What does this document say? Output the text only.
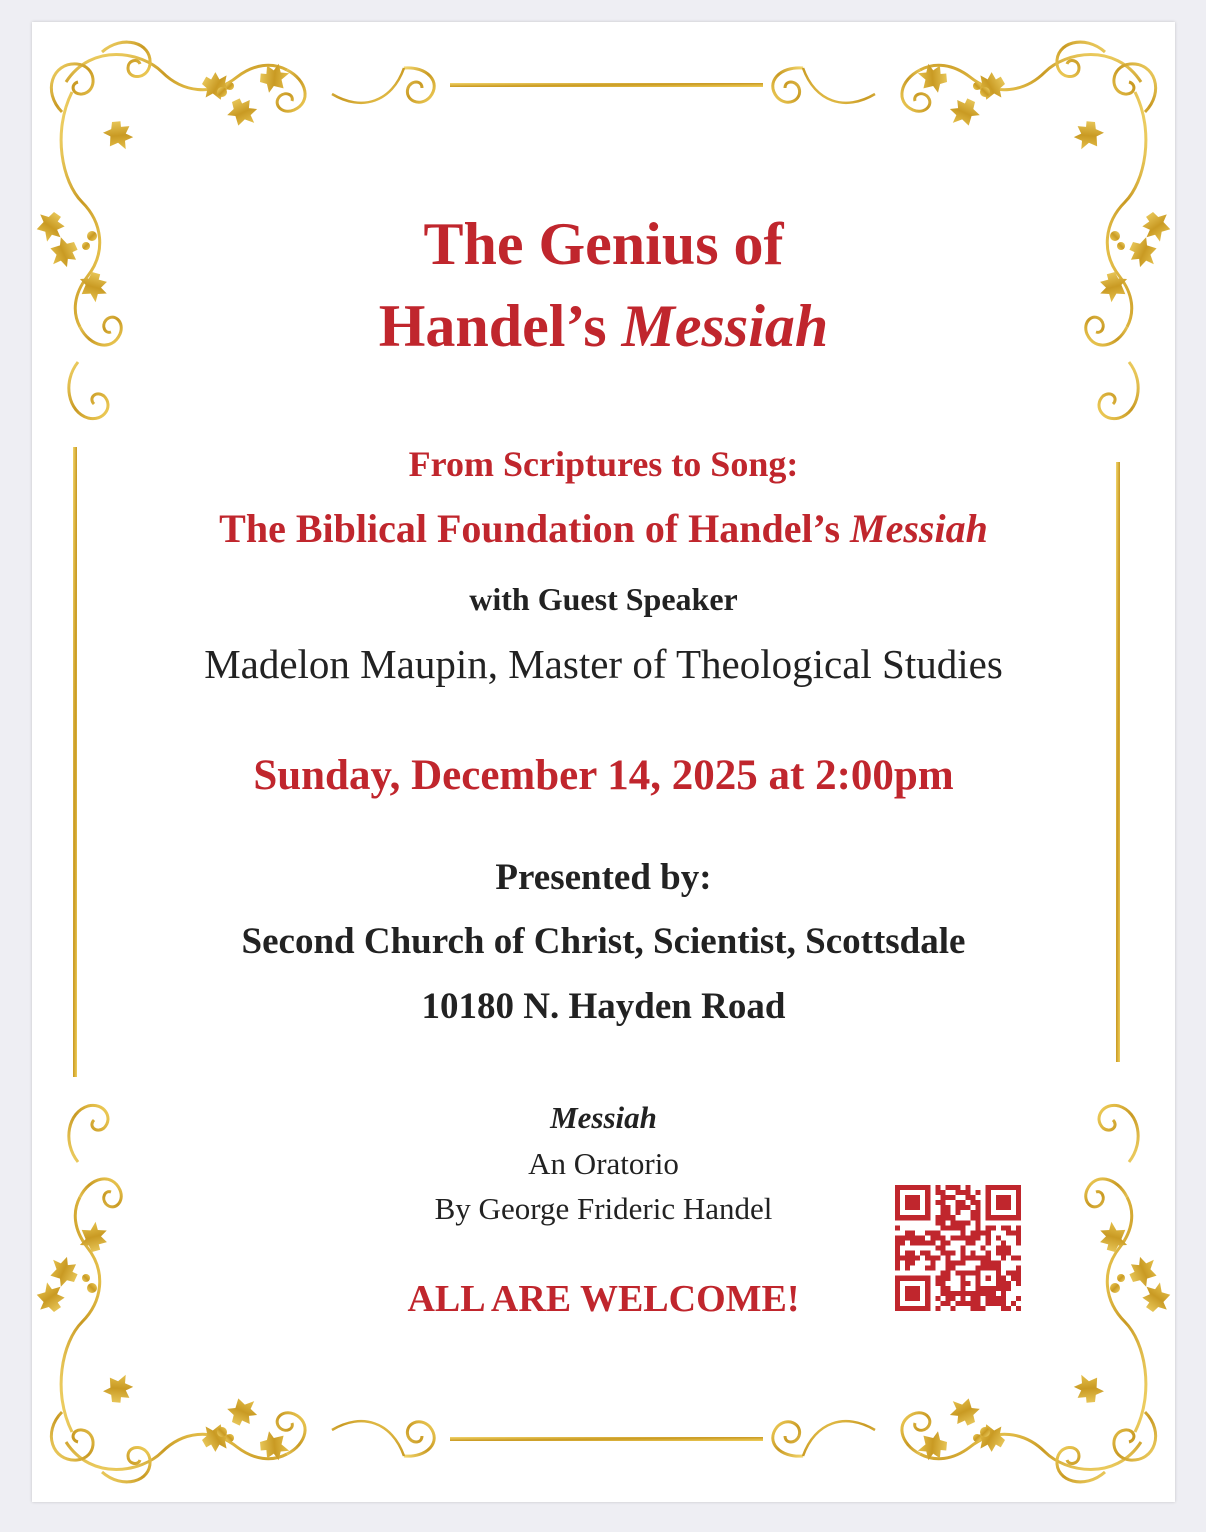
The Genius of
Handel’s Messiah
From Scriptures to Song:
The Biblical Foundation of Handel’s Messiah
with Guest Speaker
Madelon Maupin, Master of Theological Studies
Sunday, December 14, 2025 at 2:00pm
Presented by:
Second Church of Christ, Scientist, Scottsdale
10180 N. Hayden Road
Messiah
An Oratorio
By George Frideric Handel
ALL ARE WELCOME!
